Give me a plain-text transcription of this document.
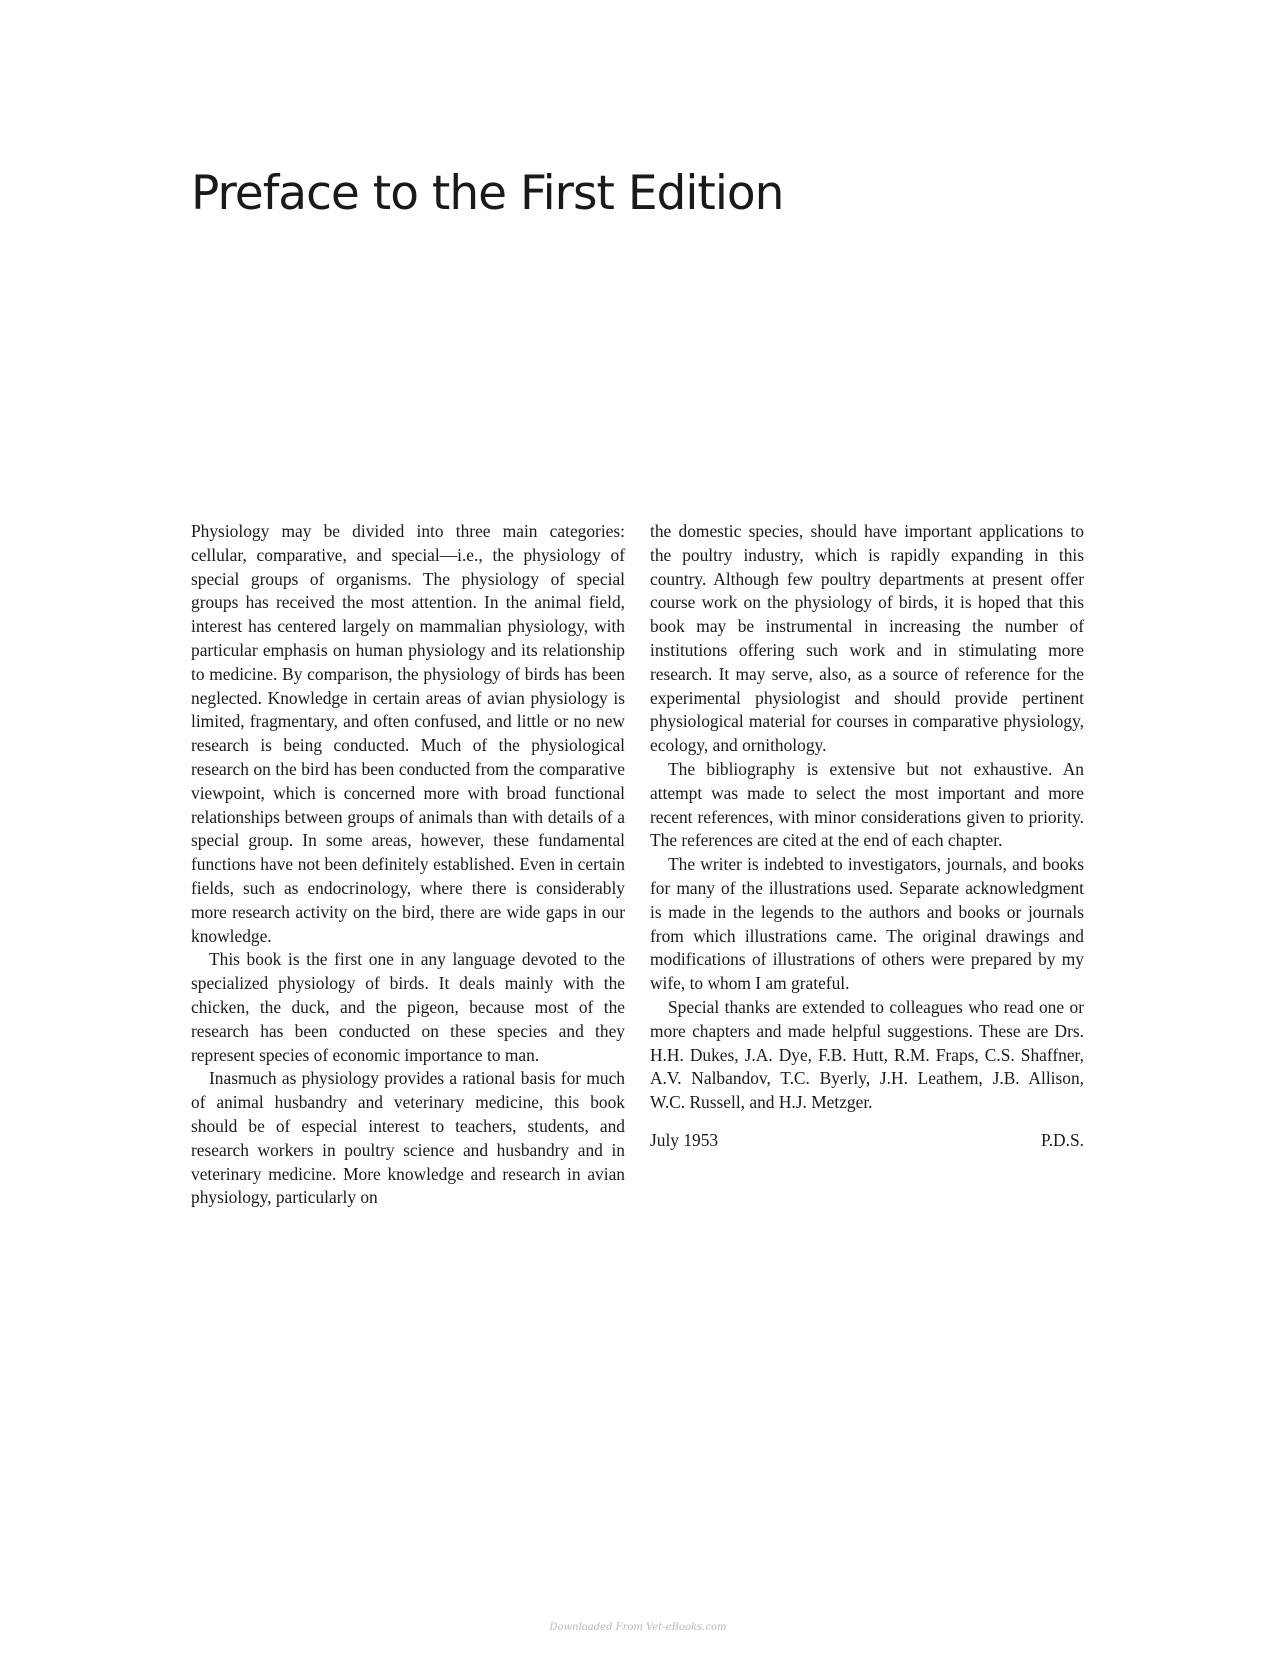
Preface to the First Edition

Physiology may be divided into three main categories: cellular, comparative, and special—i.e., the physiology of special groups of organisms. The physiology of special groups has received the most attention. In the animal field, interest has centered largely on mammalian physiology, with particular emphasis on human physiology and its relationship to medicine. By comparison, the physiology of birds has been neglected. Knowledge in certain areas of avian physiology is limited, fragmentary, and often confused, and little or no new research is being conducted. Much of the physiological research on the bird has been conducted from the comparative viewpoint, which is concerned more with broad functional relationships between groups of animals than with details of a special group. In some areas, however, these fundamental functions have not been definitely established. Even in certain fields, such as endocrinology, where there is considerably more research activity on the bird, there are wide gaps in our knowledge.

This book is the first one in any language devoted to the specialized physiology of birds. It deals mainly with the chicken, the duck, and the pigeon, because most of the research has been conducted on these species and they represent species of economic importance to man.

Inasmuch as physiology provides a rational basis for much of animal husbandry and veterinary medicine, this book should be of especial interest to teachers, students, and research workers in poultry science and husbandry and in veterinary medicine. More knowledge and research in avian physiology, particularly on

the domestic species, should have important applications to the poultry industry, which is rapidly expanding in this country. Although few poultry departments at present offer course work on the physiology of birds, it is hoped that this book may be instrumental in increasing the number of institutions offering such work and in stimulating more research. It may serve, also, as a source of reference for the experimental physiologist and should provide pertinent physiological material for courses in comparative physiology, ecology, and ornithology.

The bibliography is extensive but not exhaustive. An attempt was made to select the most important and more recent references, with minor considerations given to priority. The references are cited at the end of each chapter.

The writer is indebted to investigators, journals, and books for many of the illustrations used. Separate acknowledgment is made in the legends to the authors and books or journals from which illustrations came. The original drawings and modifications of illustrations of others were prepared by my wife, to whom I am grateful.

Special thanks are extended to colleagues who read one or more chapters and made helpful suggestions. These are Drs. H.H. Dukes, J.A. Dye, F.B. Hutt, R.M. Fraps, C.S. Shaffner, A.V. Nalbandov, T.C. Byerly, J.H. Leathem, J.B. Allison, W.C. Russell, and H.J. Metzger.

July 1953	P.D.S.
Downloaded From Vet-eBooks.com
